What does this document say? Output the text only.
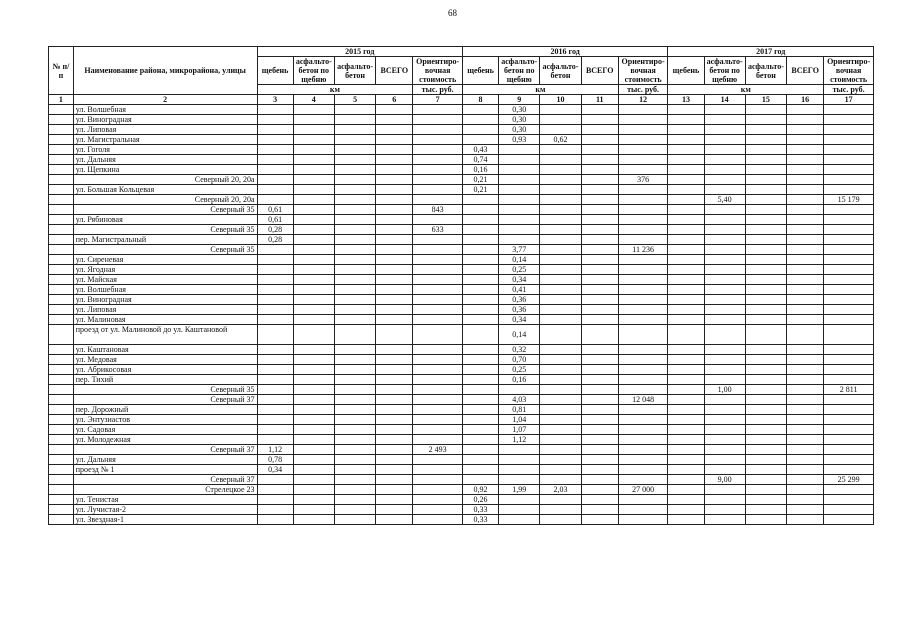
68
№ п/п	Наименование района, микрорайона, улицы	2015 год					2016 год					2017 год				
		щебень	асфальто-бетон по щебню	асфальто-бетон	ВСЕГО	Ориентиро-вочная стоимость	щебень	асфальто-бетон по щебню	асфальто-бетон	ВСЕГО	Ориентиро-вочная стоимость	щебень	асфальто-бетон по щебню	асфальто-бетон	ВСЕГО	Ориентиро-вочная стоимость
		км				тыс. руб.	км				тыс. руб.	км				тыс. руб.
1	2	3	4	5	6	7	8	9	10	11	12	13	14	15	16	17
	ул. Волшебная							0,30								
	ул. Виноградная							0,30								
	ул. Липовая							0,30								
	ул. Магистральная							0,93	0,62							
	ул. Гоголя						0,43									
	ул. Дальняя						0,74									
	ул. Щепкина						0,16									
	Северный 20, 20а						0,21				376					
	ул. Большая Кольцевая						0,21									
	Северный 20, 20а												5,40			15 179
	Северный 35	0,61				843										
	ул. Рябиновая	0,61														
	Северный 35	0,28				633										
	пер. Магистральный	0,28														
	Северный 35							3,77			11 236					
	ул. Сиреневая							0,14								
	ул. Ягодная							0,25								
	ул. Майская							0,34								
	ул. Волшебная							0,41								
	ул. Виноградная							0,36								
	ул. Липовая							0,36								
	ул. Малиновая							0,34								
	проезд от ул. Малиновой до ул. Каштановой							0,14								
	ул. Каштановая							0,32								
	ул. Медовая							0,70								
	ул. Абрикосовая							0,25								
	пер. Тихий							0,16								
	Северный 35												1,00			2 811
	Северный 37							4,03			12 048					
	пер. Дорожный							0,81								
	ул. Энтузиастов							1,04								
	ул. Садовая							1,07								
	ул. Молодежная							1,12								
	Северный 37	1,12				2 493										
	ул. Дальняя	0,78														
	проезд № 1	0,34														
	Северный 37												9,00			25 299
	Стрелецкое 23						0,92	1,99	2,03		27 000					
	ул. Тенистая						0,26									
	ул. Лучистая-2						0,33									
	ул. Звездная-1						0,33									
